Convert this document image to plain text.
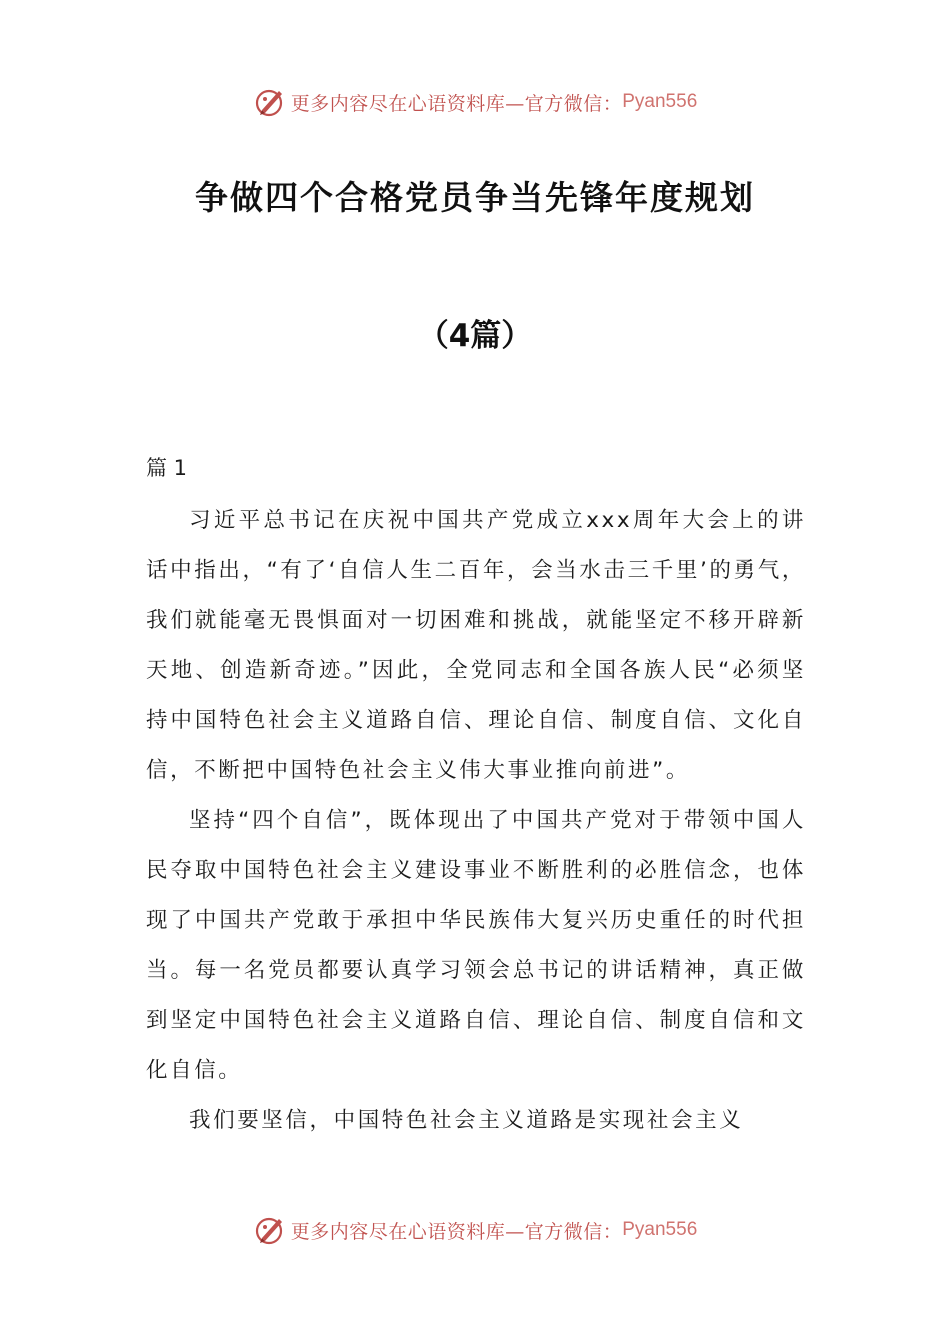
更多内容尽在心语资料库— 官方微信： Pyan556
争做四个合格党员争当先锋年度规划
（4篇）
篇 1

习近平总书记在庆祝中国共产党成立xxx周年大会上的讲话中指出，“有了‘自信人生二百年，会当水击三千里’的勇气，我们就能毫无畏惧面对一切困难和挑战，就能坚定不移开辟新天地、创造新奇迹。”因此，全党同志和全国各族人民“必须坚持中国特色社会主义道路自信、理论自信、制度自信、文化自信，不断把中国特色社会主义伟大事业推向前进”。

坚持“四个自信”，既体现出了中国共产党对于带领中国人民夺取中国特色社会主义建设事业不断胜利的必胜信念，也体现了中国共产党敢于承担中华民族伟大复兴历史重任的时代担当。每一名党员都要认真学习领会总书记的讲话精神，真正做到坚定中国特色社会主义道路自信、理论自信、制度自信和文化自信。

我们要坚信，中国特色社会主义道路是实现社会主义

更多内容尽在心语资料库— 官方微信： Pyan556
